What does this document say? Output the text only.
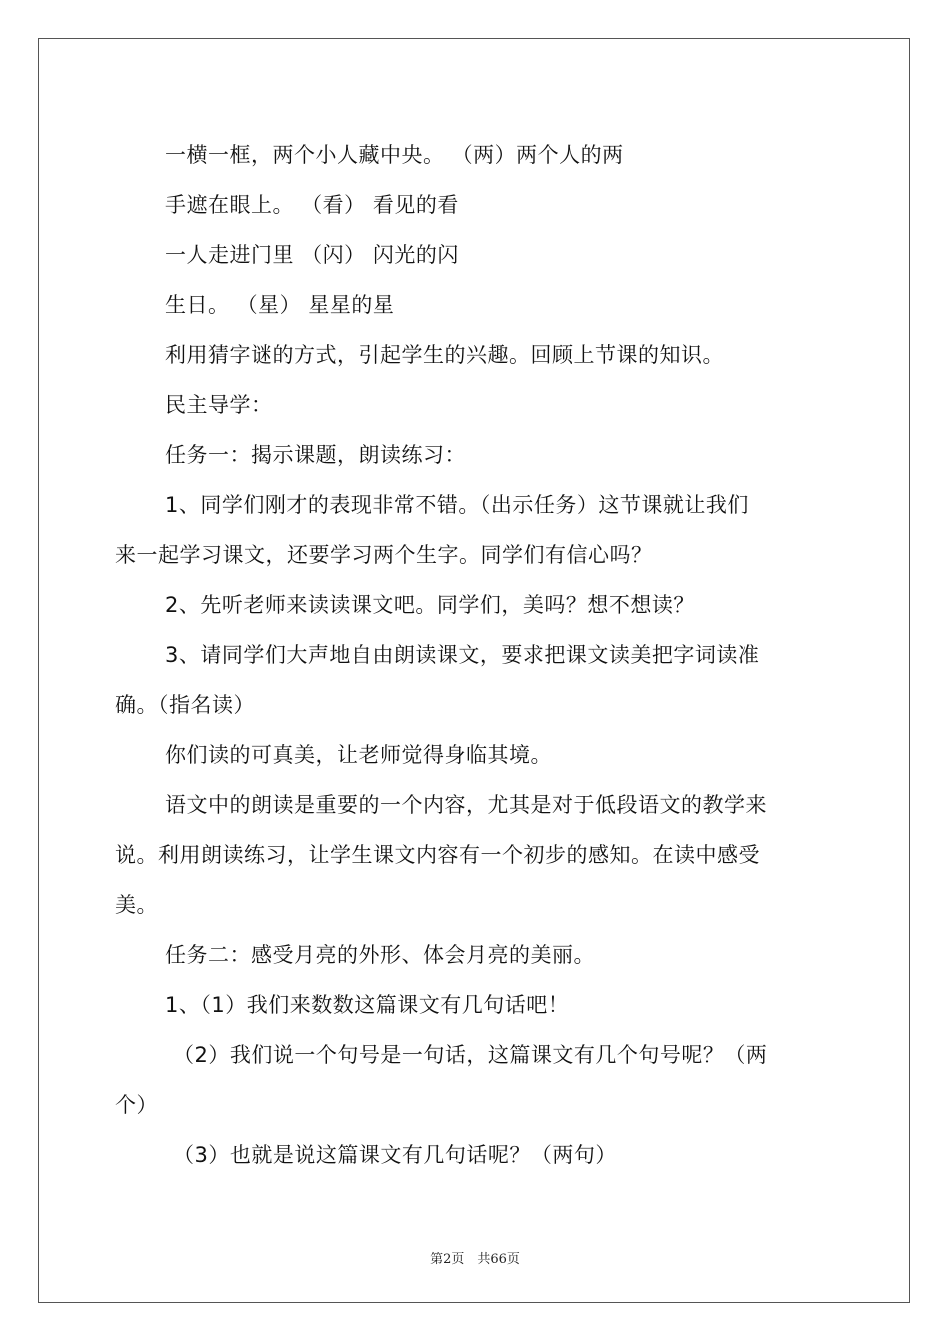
一横一框，两个小人藏中央。 （两）两个人的两
手遮在眼上。 （看） 看见的看
一人走进门里 （闪） 闪光的闪
生日。 （星） 星星的星
利用猜字谜的方式，引起学生的兴趣。回顾上节课的知识。
民主导学：
任务一：揭示课题，朗读练习：
1、同学们刚才的表现非常不错。（出示任务）这节课就让我们
来一起学习课文，还要学习两个生字。同学们有信心吗？
2、先听老师来读读课文吧。同学们，美吗？想不想读？
3、请同学们大声地自由朗读课文，要求把课文读美把字词读准
确。（指名读）
你们读的可真美，让老师觉得身临其境。
语文中的朗读是重要的一个内容，尤其是对于低段语文的教学来
说。利用朗读练习，让学生课文内容有一个初步的感知。在读中感受
美。
任务二：感受月亮的外形、体会月亮的美丽。
1、（1）我们来数数这篇课文有几句话吧！
（2）我们说一个句号是一句话，这篇课文有几个句号呢？（两
个）
（3）也就是说这篇课文有几句话呢？（两句）
第2页　共66页
